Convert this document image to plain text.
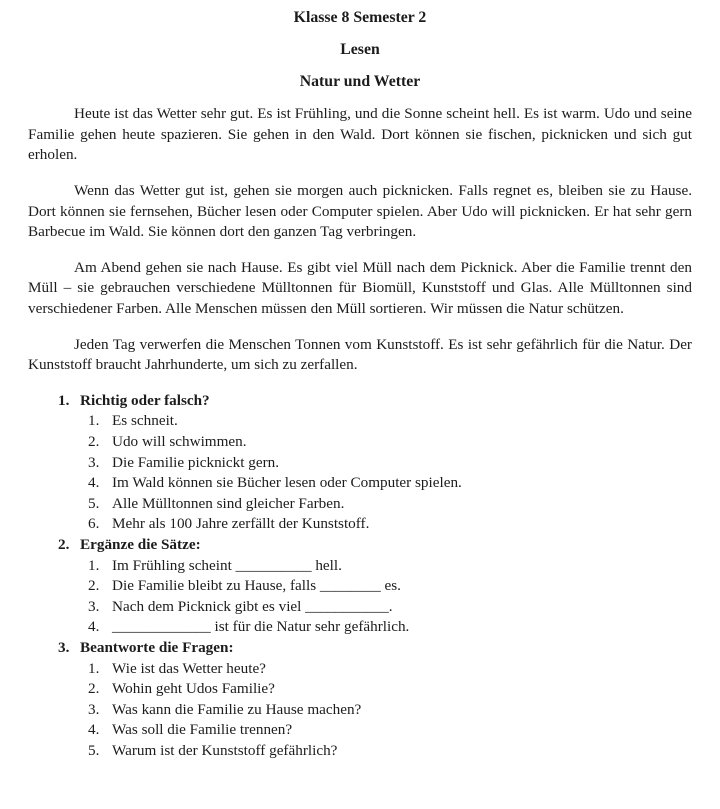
Klasse 8 Semester 2
Lesen
Natur und Wetter

Heute ist das Wetter sehr gut. Es ist Frühling, und die Sonne scheint hell. Es ist warm. Udo und seine Familie gehen heute spazieren. Sie gehen in den Wald. Dort können sie fischen, picknicken und sich gut erholen.

Wenn das Wetter gut ist, gehen sie morgen auch picknicken. Falls regnet es, bleiben sie zu Hause. Dort können sie fernsehen, Bücher lesen oder Computer spielen. Aber Udo will picknicken. Er hat sehr gern Barbecue im Wald. Sie können dort den ganzen Tag verbringen.

Am Abend gehen sie nach Hause. Es gibt viel Müll nach dem Picknick. Aber die Familie trennt den Müll – sie gebrauchen verschiedene Mülltonnen für Biomüll, Kunststoff und Glas. Alle Mülltonnen sind verschiedener Farben. Alle Menschen müssen den Müll sortieren. Wir müssen die Natur schützen.

Jeden Tag verwerfen die Menschen Tonnen vom Kunststoff. Es ist sehr gefährlich für die Natur. Der Kunststoff braucht Jahrhunderte, um sich zu zerfallen.

Richtig oder falsch?
Es schneit.
Udo will schwimmen.
Die Familie picknickt gern.
Im Wald können sie Bücher lesen oder Computer spielen.
Alle Mülltonnen sind gleicher Farben.
Mehr als 100 Jahre zerfällt der Kunststoff.
Ergänze die Sätze:
Im Frühling scheint __________ hell.
Die Familie bleibt zu Hause, falls ________ es.
Nach dem Picknick gibt es viel ___________.
_____________ ist für die Natur sehr gefährlich.
Beantworte die Fragen:
Wie ist das Wetter heute?
Wohin geht Udos Familie?
Was kann die Familie zu Hause machen?
Was soll die Familie trennen?
Warum ist der Kunststoff gefährlich?
